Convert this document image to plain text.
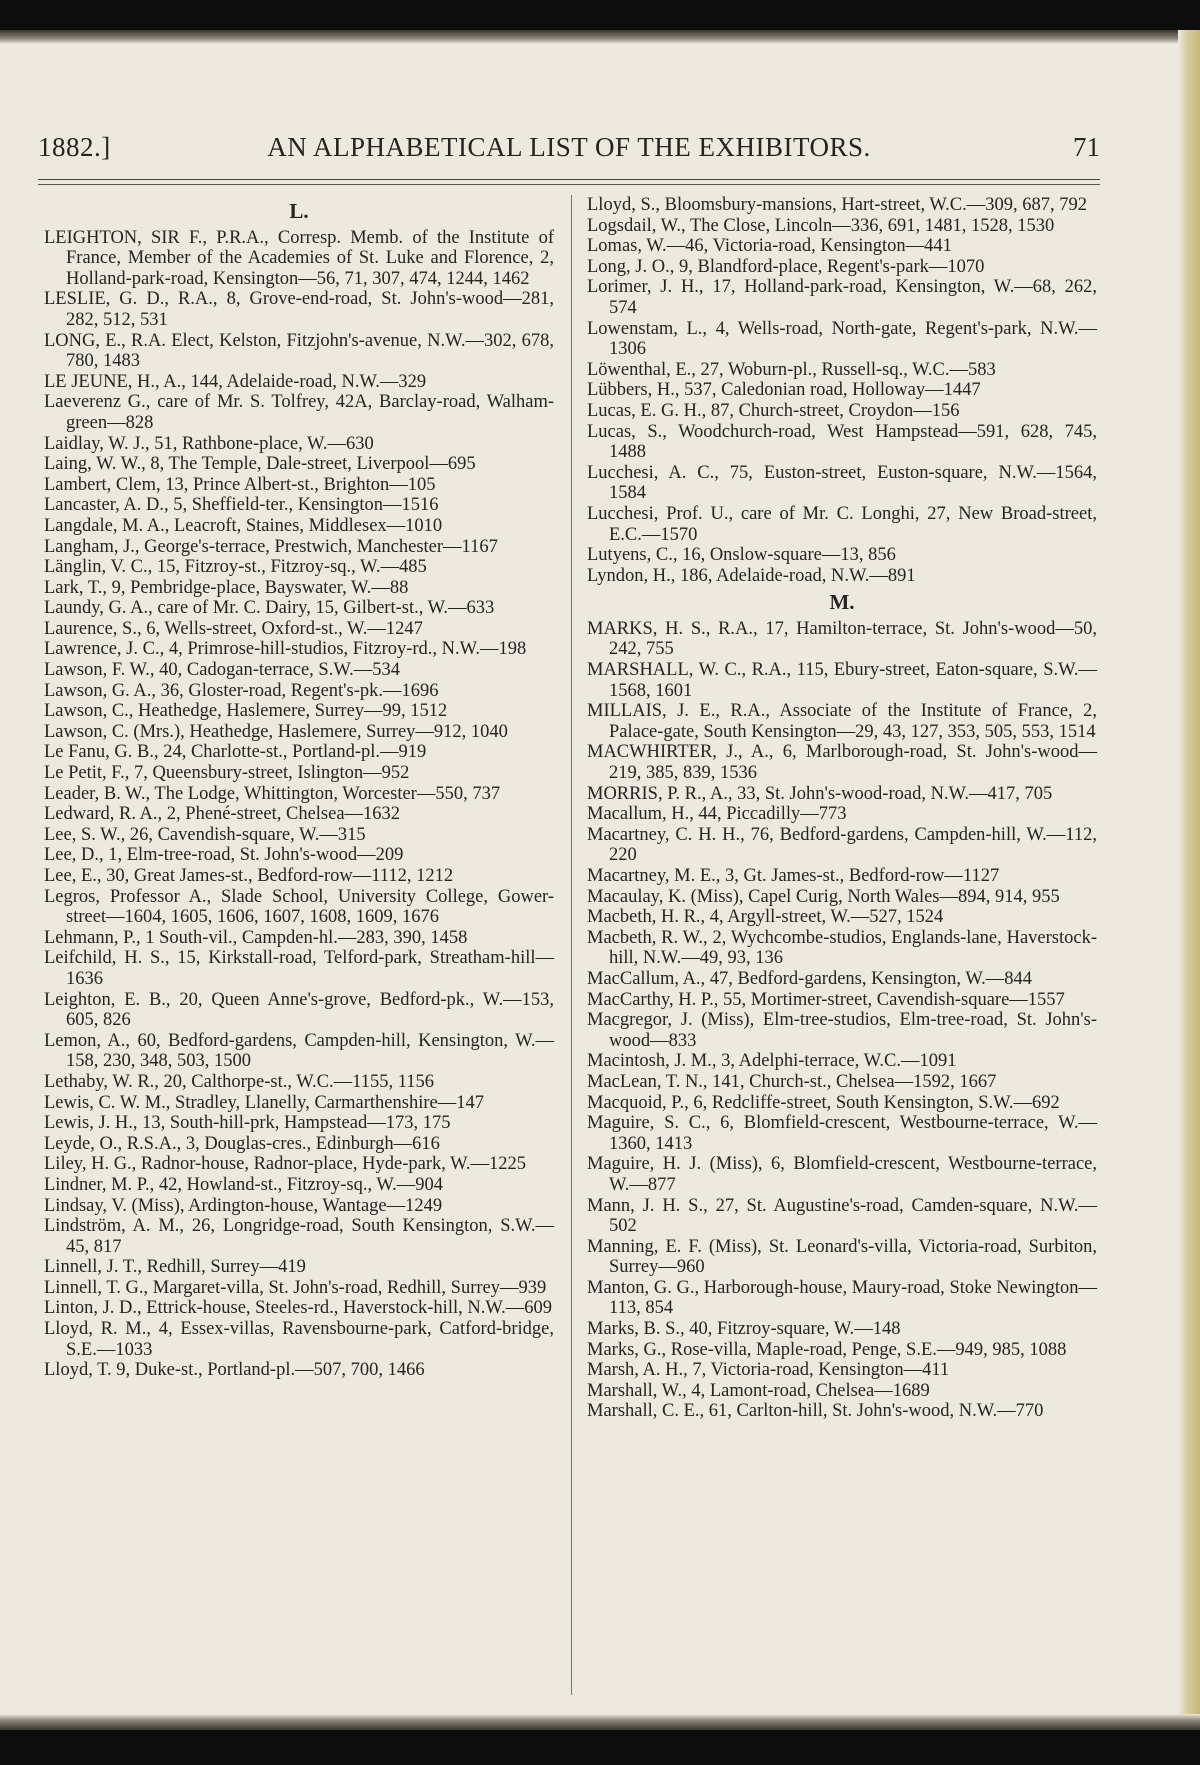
AN ALPHABETICAL LIST OF THE EXHIBITORS.
1882.]	71
L.

LEIGHTON, SIR F., P.R.A., Corresp. Memb. of the Institute of France, Member of the Academies of St. Luke and Florence, 2, Holland-park-road, Kensington—56, 71, 307, 474, 1244, 1462

LESLIE, G. D., R.A., 8, Grove-end-road, St. John's-wood—281, 282, 512, 531

LONG, E., R.A. Elect, Kelston, Fitzjohn's-avenue, N.W.—302, 678, 780, 1483

LE JEUNE, H., A., 144, Adelaide-road, N.W.—329

Laeverenz G., care of Mr. S. Tolfrey, 42A, Barclay-road, Walham-green—828

Laidlay, W. J., 51, Rathbone-place, W.—630

Laing, W. W., 8, The Temple, Dale-street, Liverpool—695

Lambert, Clem, 13, Prince Albert-st., Brighton—105

Lancaster, A. D., 5, Sheffield-ter., Kensington—1516

Langdale, M. A., Leacroft, Staines, Middlesex—1010

Langham, J., George's-terrace, Prestwich, Manchester—1167

Länglin, V. C., 15, Fitzroy-st., Fitzroy-sq., W.—485

Lark, T., 9, Pembridge-place, Bayswater, W.—88

Laundy, G. A., care of Mr. C. Dairy, 15, Gilbert-st., W.—633

Laurence, S., 6, Wells-street, Oxford-st., W.—1247

Lawrence, J. C., 4, Primrose-hill-studios, Fitzroy-rd., N.W.—198

Lawson, F. W., 40, Cadogan-terrace, S.W.—534

Lawson, G. A., 36, Gloster-road, Regent's-pk.—1696

Lawson, C., Heathedge, Haslemere, Surrey—99, 1512

Lawson, C. (Mrs.), Heathedge, Haslemere, Surrey—912, 1040

Le Fanu, G. B., 24, Charlotte-st., Portland-pl.—919

Le Petit, F., 7, Queensbury-street, Islington—952

Leader, B. W., The Lodge, Whittington, Worcester—550, 737

Ledward, R. A., 2, Phené-street, Chelsea—1632

Lee, S. W., 26, Cavendish-square, W.—315

Lee, D., 1, Elm-tree-road, St. John's-wood—209

Lee, E., 30, Great James-st., Bedford-row—1112, 1212

Legros, Professor A., Slade School, University College, Gower-street—1604, 1605, 1606, 1607, 1608, 1609, 1676

Lehmann, P., 1 South-vil., Campden-hl.—283, 390, 1458

Leifchild, H. S., 15, Kirkstall-road, Telford-park, Streatham-hill—1636

Leighton, E. B., 20, Queen Anne's-grove, Bedford-pk., W.—153, 605, 826

Lemon, A., 60, Bedford-gardens, Campden-hill, Kensington, W.—158, 230, 348, 503, 1500

Lethaby, W. R., 20, Calthorpe-st., W.C.—1155, 1156

Lewis, C. W. M., Stradley, Llanelly, Carmarthenshire—147

Lewis, J. H., 13, South-hill-prk, Hampstead—173, 175

Leyde, O., R.S.A., 3, Douglas-cres., Edinburgh—616

Liley, H. G., Radnor-house, Radnor-place, Hyde-park, W.—1225

Lindner, M. P., 42, Howland-st., Fitzroy-sq., W.—904

Lindsay, V. (Miss), Ardington-house, Wantage—1249

Lindström, A. M., 26, Longridge-road, South Kensington, S.W.—45, 817

Linnell, J. T., Redhill, Surrey—419

Linnell, T. G., Margaret-villa, St. John's-road, Redhill, Surrey—939

Linton, J. D., Ettrick-house, Steeles-rd., Haverstock-hill, N.W.—609

Lloyd, R. M., 4, Essex-villas, Ravensbourne-park, Catford-bridge, S.E.—1033

Lloyd, T. 9, Duke-st., Portland-pl.—507, 700, 1466

Lloyd, S., Bloomsbury-mansions, Hart-street, W.C.—309, 687, 792

Logsdail, W., The Close, Lincoln—336, 691, 1481, 1528, 1530

Lomas, W.—46, Victoria-road, Kensington—441

Long, J. O., 9, Blandford-place, Regent's-park—1070

Lorimer, J. H., 17, Holland-park-road, Kensington, W.—68, 262, 574

Lowenstam, L., 4, Wells-road, North-gate, Regent's-park, N.W.—1306

Löwenthal, E., 27, Woburn-pl., Russell-sq., W.C.—583

Lübbers, H., 537, Caledonian road, Holloway—1447

Lucas, E. G. H., 87, Church-street, Croydon—156

Lucas, S., Woodchurch-road, West Hampstead—591, 628, 745, 1488

Lucchesi, A. C., 75, Euston-street, Euston-square, N.W.—1564, 1584

Lucchesi, Prof. U., care of Mr. C. Longhi, 27, New Broad-street, E.C.—1570

Lutyens, C., 16, Onslow-square—13, 856

Lyndon, H., 186, Adelaide-road, N.W.—891

M.

MARKS, H. S., R.A., 17, Hamilton-terrace, St. John's-wood—50, 242, 755

MARSHALL, W. C., R.A., 115, Ebury-street, Eaton-square, S.W.—1568, 1601

MILLAIS, J. E., R.A., Associate of the Institute of France, 2, Palace-gate, South Kensington—29, 43, 127, 353, 505, 553, 1514

MACWHIRTER, J., A., 6, Marlborough-road, St. John's-wood—219, 385, 839, 1536

MORRIS, P. R., A., 33, St. John's-wood-road, N.W.—417, 705

Macallum, H., 44, Piccadilly—773

Macartney, C. H. H., 76, Bedford-gardens, Campden-hill, W.—112, 220

Macartney, M. E., 3, Gt. James-st., Bedford-row—1127

Macaulay, K. (Miss), Capel Curig, North Wales—894, 914, 955

Macbeth, H. R., 4, Argyll-street, W.—527, 1524

Macbeth, R. W., 2, Wychcombe-studios, Englands-lane, Haverstock-hill, N.W.—49, 93, 136

MacCallum, A., 47, Bedford-gardens, Kensington, W.—844

MacCarthy, H. P., 55, Mortimer-street, Cavendish-square—1557

Macgregor, J. (Miss), Elm-tree-studios, Elm-tree-road, St. John's-wood—833

Macintosh, J. M., 3, Adelphi-terrace, W.C.—1091

MacLean, T. N., 141, Church-st., Chelsea—1592, 1667

Macquoid, P., 6, Redcliffe-street, South Kensington, S.W.—692

Maguire, S. C., 6, Blomfield-crescent, Westbourne-terrace, W.—1360, 1413

Maguire, H. J. (Miss), 6, Blomfield-crescent, Westbourne-terrace, W.—877

Mann, J. H. S., 27, St. Augustine's-road, Camden-square, N.W.—502

Manning, E. F. (Miss), St. Leonard's-villa, Victoria-road, Surbiton, Surrey—960

Manton, G. G., Harborough-house, Maury-road, Stoke Newington—113, 854

Marks, B. S., 40, Fitzroy-square, W.—148

Marks, G., Rose-villa, Maple-road, Penge, S.E.—949, 985, 1088

Marsh, A. H., 7, Victoria-road, Kensington—411

Marshall, W., 4, Lamont-road, Chelsea—1689

Marshall, C. E., 61, Carlton-hill, St. John's-wood, N.W.—770
